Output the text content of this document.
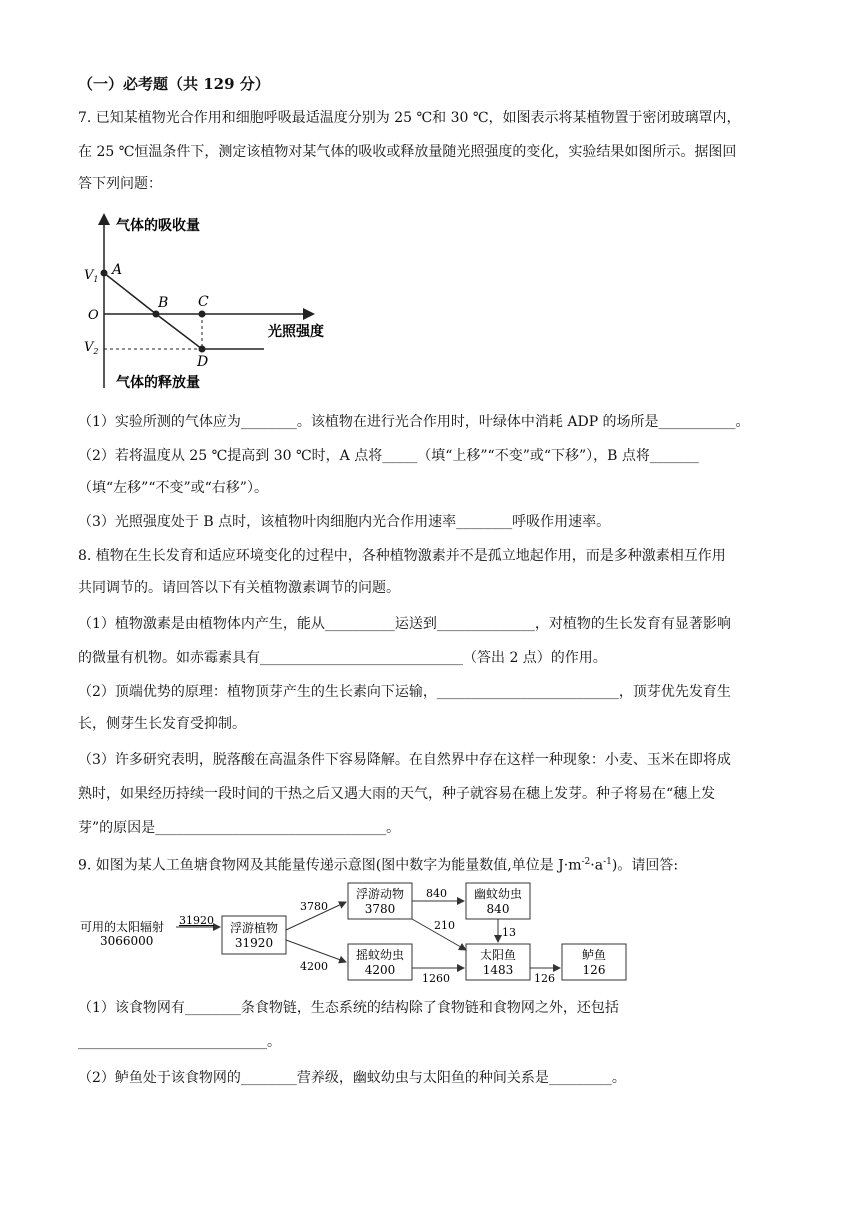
（一）必考题（共 129 分）
7. 已知某植物光合作用和细胞呼吸最适温度分别为 25 ℃和 30 ℃，如图表示将某植物置于密闭玻璃罩内，
在 25 ℃恒温条件下，测定该植物对某气体的吸收或释放量随光照强度的变化，实验结果如图所示。据图回
答下列问题：
气体的吸收量
气体的释放量
光照强度
O
$V_1$
$V_2$
A
B C
D
（1）实验所测的气体应为________。该植物在进行光合作用时，叶绿体中消耗 ADP 的场所是___________。
（2）若将温度从 25 ℃提高到 30 ℃时，A 点将_____（填“上移”“不变”或“下移”），B 点将_______
（填“左移”“不变”或“右移”）。
（3）光照强度处于 B 点时，该植物叶肉细胞内光合作用速率________呼吸作用速率。
8. 植物在生长发育和适应环境变化的过程中，各种植物激素并不是孤立地起作用，而是多种激素相互作用
共同调节的。请回答以下有关植物激素调节的问题。
（1）植物激素是由植物体内产生，能从__________运送到______________，对植物的生长发育有显著影响
的微量有机物。如赤霉素具有_____________________________（答出 2 点）的作用。
（2）顶端优势的原理：植物顶芽产生的生长素向下运输，__________________________，顶芽优先发育生
长，侧芽生长发育受抑制。
（3）许多研究表明，脱落酸在高温条件下容易降解。在自然界中存在这样一种现象：小麦、玉米在即将成
熟时，如果经历持续一段时间的干热之后又遇大雨的天气，种子就容易在穗上发芽。种子将易在“穗上发
芽”的原因是_________________________________。
9. 如图为某人工鱼塘食物网及其能量传递示意图(图中数字为能量数值,单位是 $J\cdot m^{-2}\cdot a^{-1}$)。请回答:
可用的太阳辐射
3066000
31920
浮游植物
31920
浮游动物
3780
摇蚊幼虫
4200
幽蚊幼虫
840
太阳鱼
1483
鲈鱼
126
3780
4200
840
210
13
1260	126
（1）该食物网有________条食物链，生态系统的结构除了食物链和食物网之外，还包括
___________________________。
（2）鲈鱼处于该食物网的________营养级，幽蚊幼虫与太阳鱼的种间关系是_________。
